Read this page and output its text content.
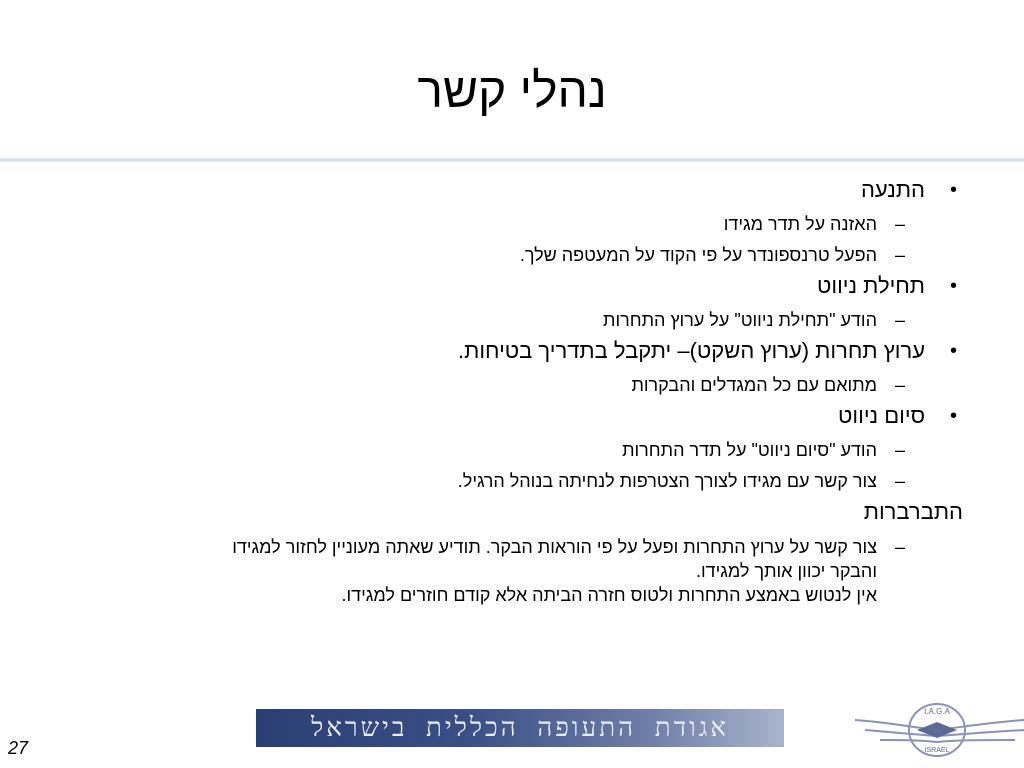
נהלי קשר
•
התנעה
–
האזנה על תדר מגידו
–
הפעל טרנספונדר על פי הקוד על המעטפה שלך.
•
תחילת ניווט
–
הודע "תחילת ניווט" על ערוץ התחרות
•
ערוץ תחרות (ערוץ השקט)– יתקבל בתדריך בטיחות.
–
מתואם עם כל המגדלים והבקרות
•
סיום ניווט
–
הודע "סיום ניווט" על תדר התחרות
–
צור קשר עם מגידו לצורך הצטרפות לנחיתה בנוהל הרגיל.
התברברות
–
צור קשר על ערוץ התחרות ופעל על פי הוראות הבקר. תודיע שאתה מעוניין לחזור למגידו והבקר יכוון אותך למגידו.
אין לנטוש באמצע התחרות ולטוס חזרה הביתה אלא קודם חוזרים למגידו.
אגודת התעופה הכללית בישראל
I.A.G.A
ISRAEL
27
